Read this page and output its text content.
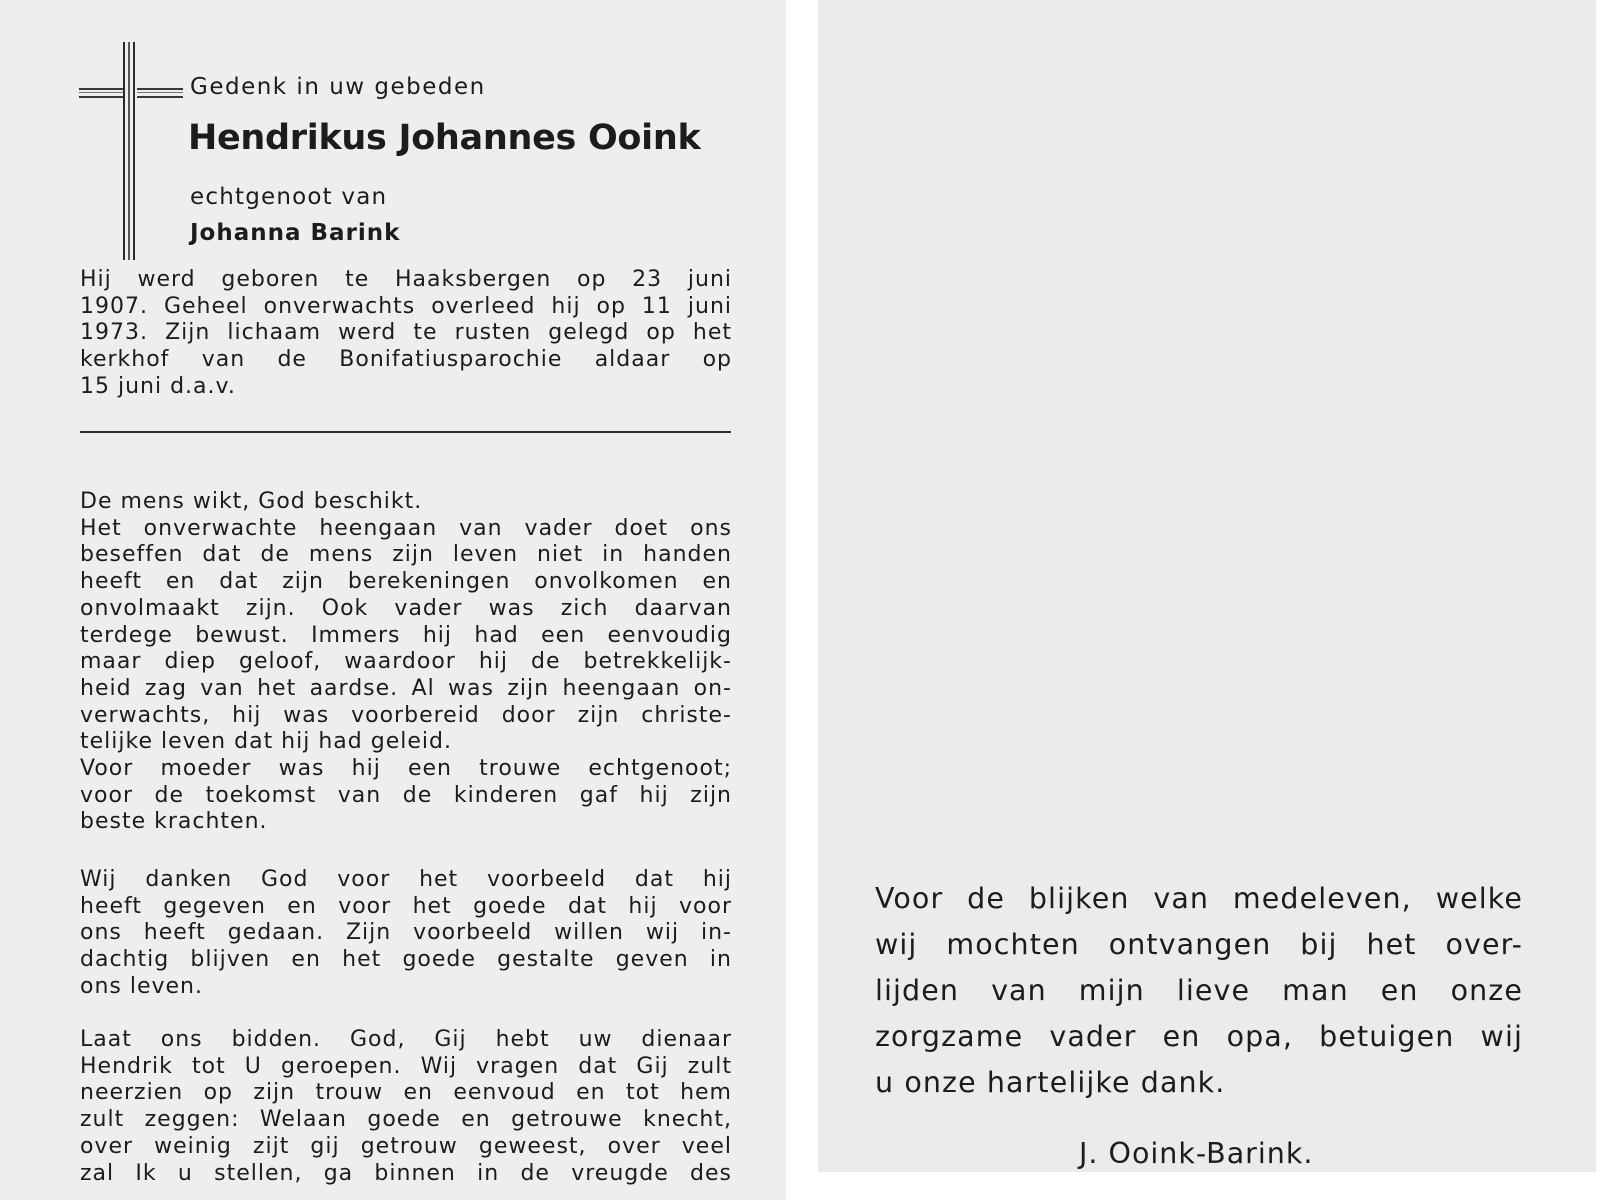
Gedenk in uw gebeden

Hendrikus Johannes Ooink

echtgenoot van

Johanna Barink

Hij werd geboren te Haaksbergen op 23 juni
1907. Geheel onverwachts overleed hij op 11 juni
1973. Zijn lichaam werd te rusten gelegd op het
kerkhof van de Bonifatiusparochie aldaar op
15 juni d.a.v.
De mens wikt, God beschikt.
Het onverwachte heengaan van vader doet ons
beseffen dat de mens zijn leven niet in handen
heeft en dat zijn berekeningen onvolkomen en
onvolmaakt zijn. Ook vader was zich daarvan
terdege bewust. Immers hij had een eenvoudig
maar diep geloof, waardoor hij de betrekkelijk-
heid zag van het aardse. Al was zijn heengaan on-
verwachts, hij was voorbereid door zijn christe-
telijke leven dat hij had geleid.
Voor moeder was hij een trouwe echtgenoot;
voor de toekomst van de kinderen gaf hij zijn
beste krachten.
Wij danken God voor het voorbeeld dat hij
heeft gegeven en voor het goede dat hij voor
ons heeft gedaan. Zijn voorbeeld willen wij in-
dachtig blijven en het goede gestalte geven in
ons leven.
Laat ons bidden. God, Gij hebt uw dienaar
Hendrik tot U geroepen. Wij vragen dat Gij zult
neerzien op zijn trouw en eenvoud en tot hem
zult zeggen: Welaan goede en getrouwe knecht,
over weinig zijt gij getrouw geweest, over veel
zal Ik u stellen, ga binnen in de vreugde des
Voor de blijken van medeleven, welke
wij mochten ontvangen bij het over-
lijden van mijn lieve man en onze
zorgzame vader en opa, betuigen wij
u onze hartelijke dank.

J. Ooink-Barink.
